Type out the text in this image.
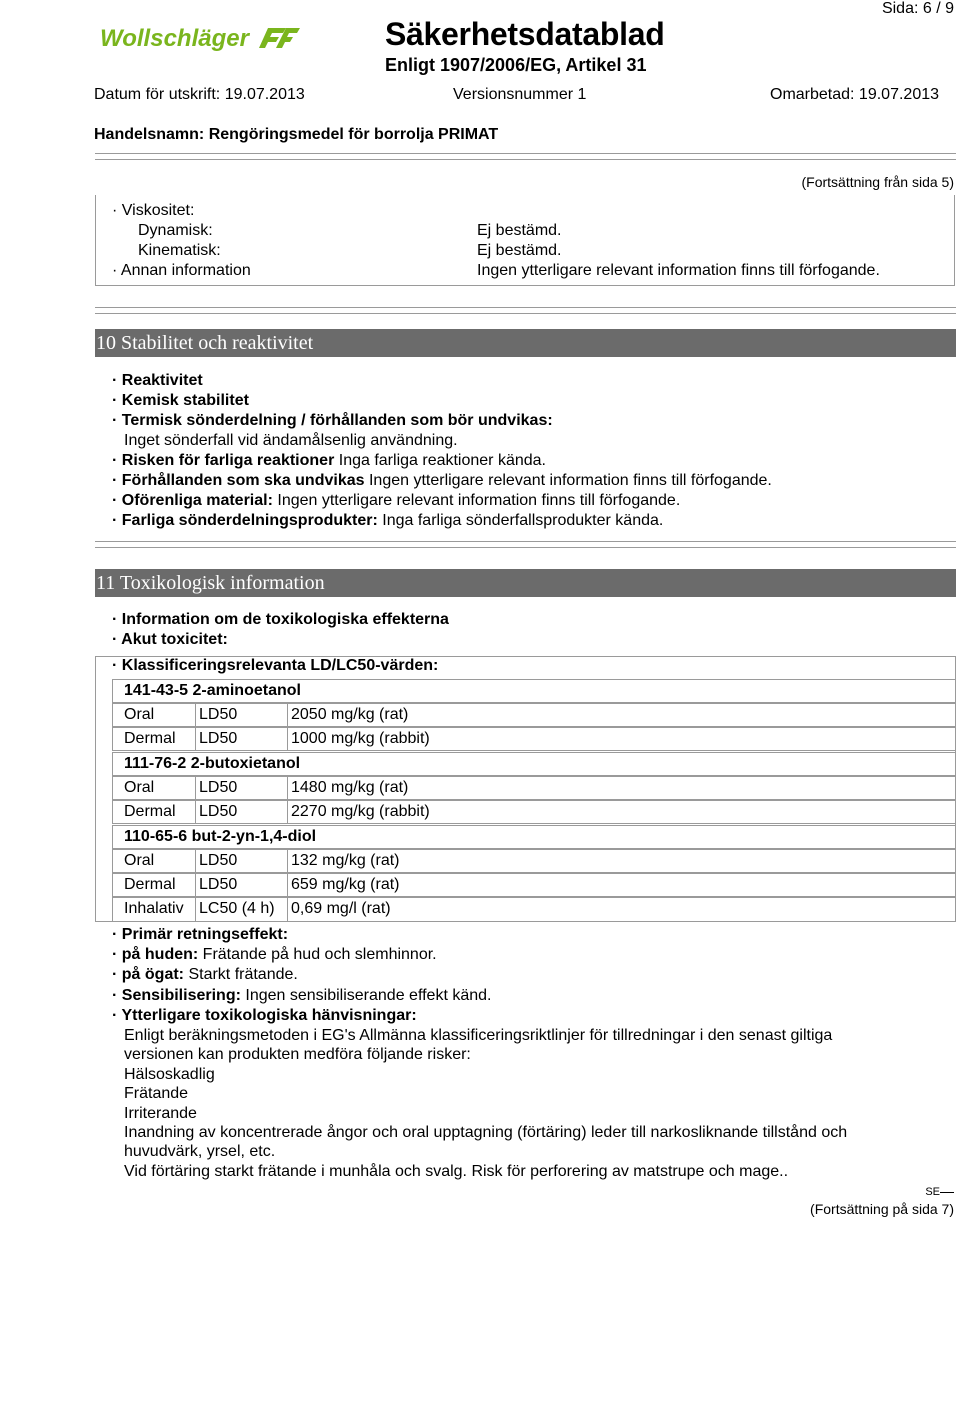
Wollschläger	Säkerhetsdatablad
Enligt 1907/2006/EG, Artikel 31
Sida: 6 / 9
Datum för utskrift: 19.07.2013	Versionsnummer 1	Omarbetad: 19.07.2013
Handelsnamn: Rengöringsmedel för borrolja PRIMAT
(Fortsättning från sida 5)
· Viskositet:
Dynamisk:	Ej bestämd.
Kinematisk:	Ej bestämd.
· Annan information	Ingen ytterligare relevant information finns till förfogande.
10 Stabilitet och reaktivitet
· Reaktivitet
· Kemisk stabilitet
· Termisk sönderdelning / förhållanden som bör undvikas:
Inget sönderfall vid ändamålsenlig användning.
· Risken för farliga reaktioner Inga farliga reaktioner kända.
· Förhållanden som ska undvikas Ingen ytterligare relevant information finns till förfogande.
· Oförenliga material: Ingen ytterligare relevant information finns till förfogande.
· Farliga sönderdelningsprodukter: Inga farliga sönderfallsprodukter kända.
11 Toxikologisk information
· Information om de toxikologiska effekterna
· Akut toxicitet:
· Klassificeringsrelevanta LD/LC50-värden:
141-43-5 2-aminoetanol
Oral	LD50	2050 mg/kg (rat)
Dermal LD50	1000 mg/kg (rabbit)
111-76-2 2-butoxietanol
Oral	LD50	1480 mg/kg (rat)
Dermal LD50	2270 mg/kg (rabbit)
110-65-6 but-2-yn-1,4-diol
Oral	LD50	132 mg/kg (rat)
Dermal LD50	659 mg/kg (rat)
Inhalativ LC50 (4 h) 0,69 mg/l (rat)
· Primär retningseffekt:
· på huden: Frätande på hud och slemhinnor.
· på ögat: Starkt frätande.
· Sensibilisering: Ingen sensibiliserande effekt känd.
· Ytterligare toxikologiska hänvisningar:
Enligt beräkningsmetoden i EG's Allmänna klassificeringsriktlinjer för tillredningar i den senast giltiga
versionen kan produkten medföra följande risker:
Hälsoskadlig
Frätande
Irriterande
Inandning av koncentrerade ångor och oral upptagning (förtäring) leder till narkosliknande tillstånd och
huvudvärk, yrsel, etc.
Vid förtäring starkt frätande i munhåla och svalg. Risk för perforering av matstrupe och mage..
SE
(Fortsättning på sida 7)
